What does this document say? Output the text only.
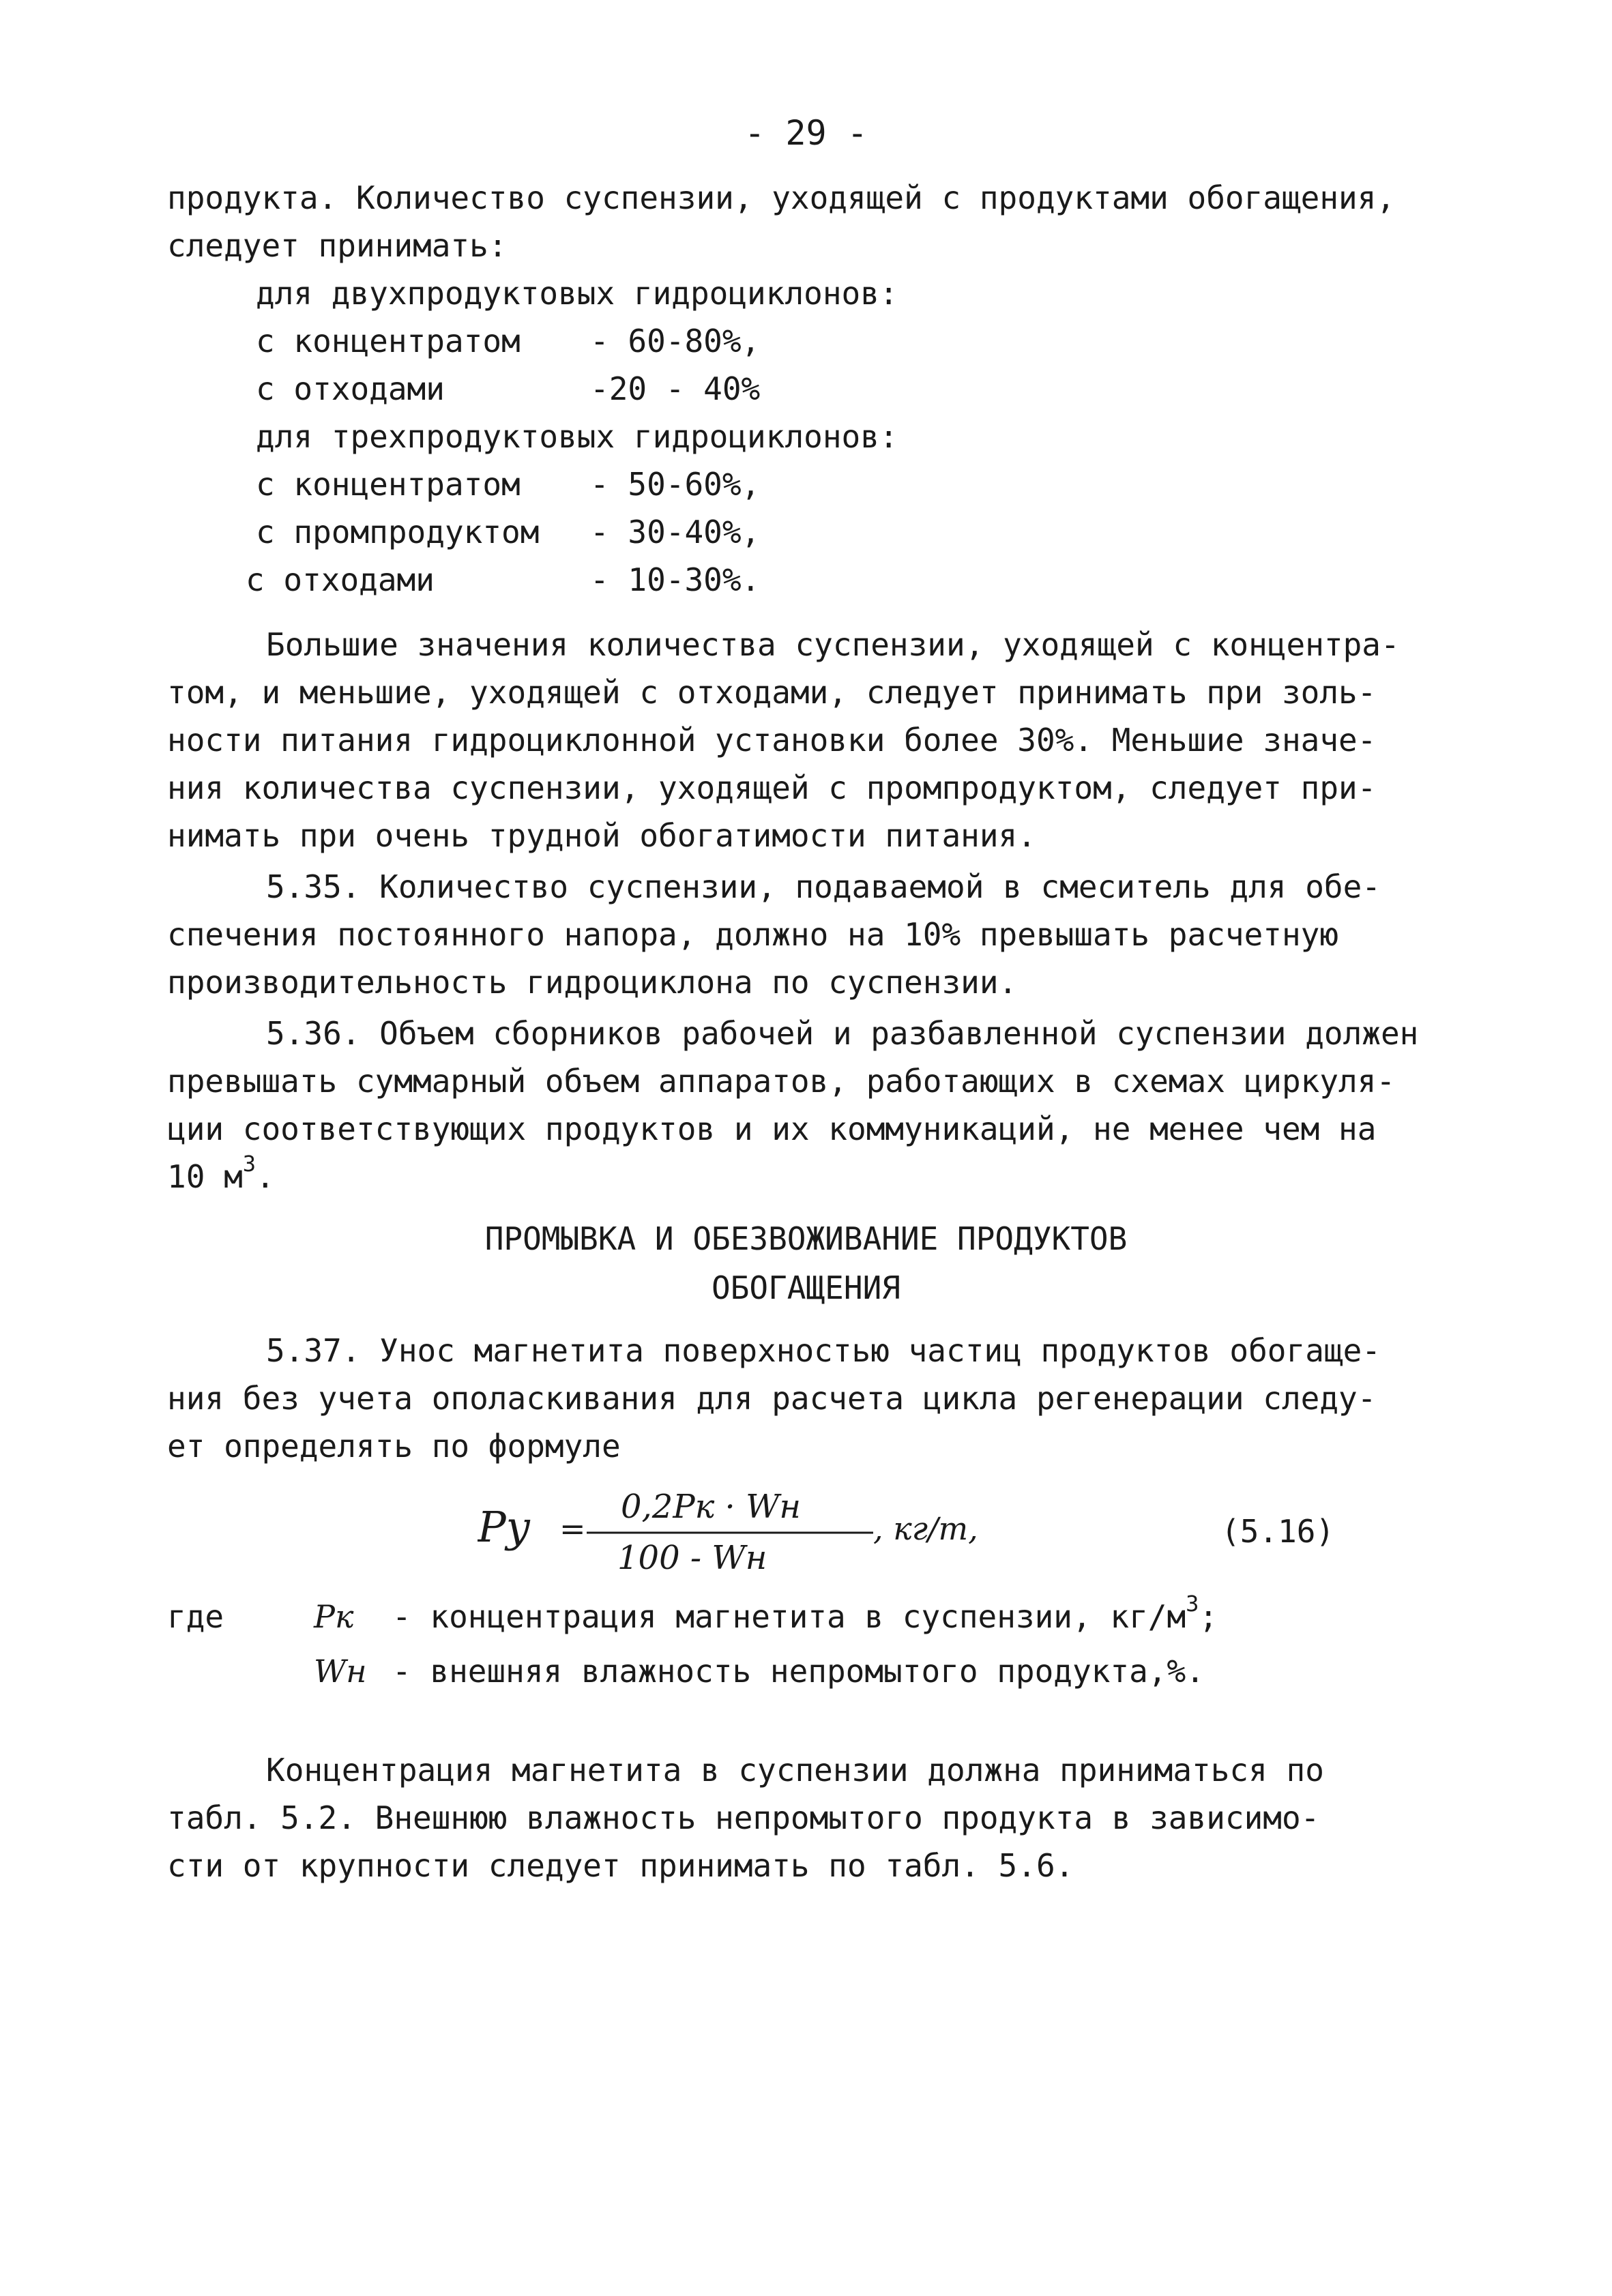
- 29 -

продукта. Количество суспензии, уходящей с продуктами обогащения,

следует принимать:

для двухпродуктовых гидроциклонов:
с концентратом	- 60-80%,
с отходами	-20 - 40%
для трехпродуктовых гидроциклонов:
с концентратом	- 50-60%,
с промпродуктом	- 30-40%,
с отходами	- 10-30%.

Большие значения количества суспензии, уходящей с концентра-

том, и меньшие, уходящей с отходами, следует принимать при золь-

ности питания гидроциклонной установки более 30%. Меньшие значе-

ния количества суспензии, уходящей с промпродуктом, следует при-

нимать при очень трудной обогатимости питания.

5.35. Количество суспензии, подаваемой в смеситель для обе-

спечения постоянного напора, должно на 10% превышать расчетную

производительность гидроциклона по суспензии.

5.36. Объем сборников рабочей и разбавленной суспензии должен

превышать суммарный объем аппаратов, работающих в схемах циркуля-

ции соответствующих продуктов и их коммуникаций, не менее чем на

10 $м^3$.

ПРОМЫВКА И ОБЕЗВОЖИВАНИЕ ПРОДУКТОВ
ОБОГАЩЕНИЯ

5.37. Унос магнетита поверхностью частиц продуктов обогаще-

ния без учета ополаскивания для расчета цикла регенерации следу-

ет определять по формуле

Pу =
0,2Pк · Wн
100 - Wн
, кг/т,	(5.16)
где	Pк - концентрация магнетита в суспензии, $кг/м^3$;
Wн - внешняя влажность непромытого продукта,%.

Концентрация магнетита в суспензии должна приниматься по

табл. 5.2. Внешнюю влажность непромытого продукта в зависимо-

сти от крупности следует принимать по табл. 5.6.
